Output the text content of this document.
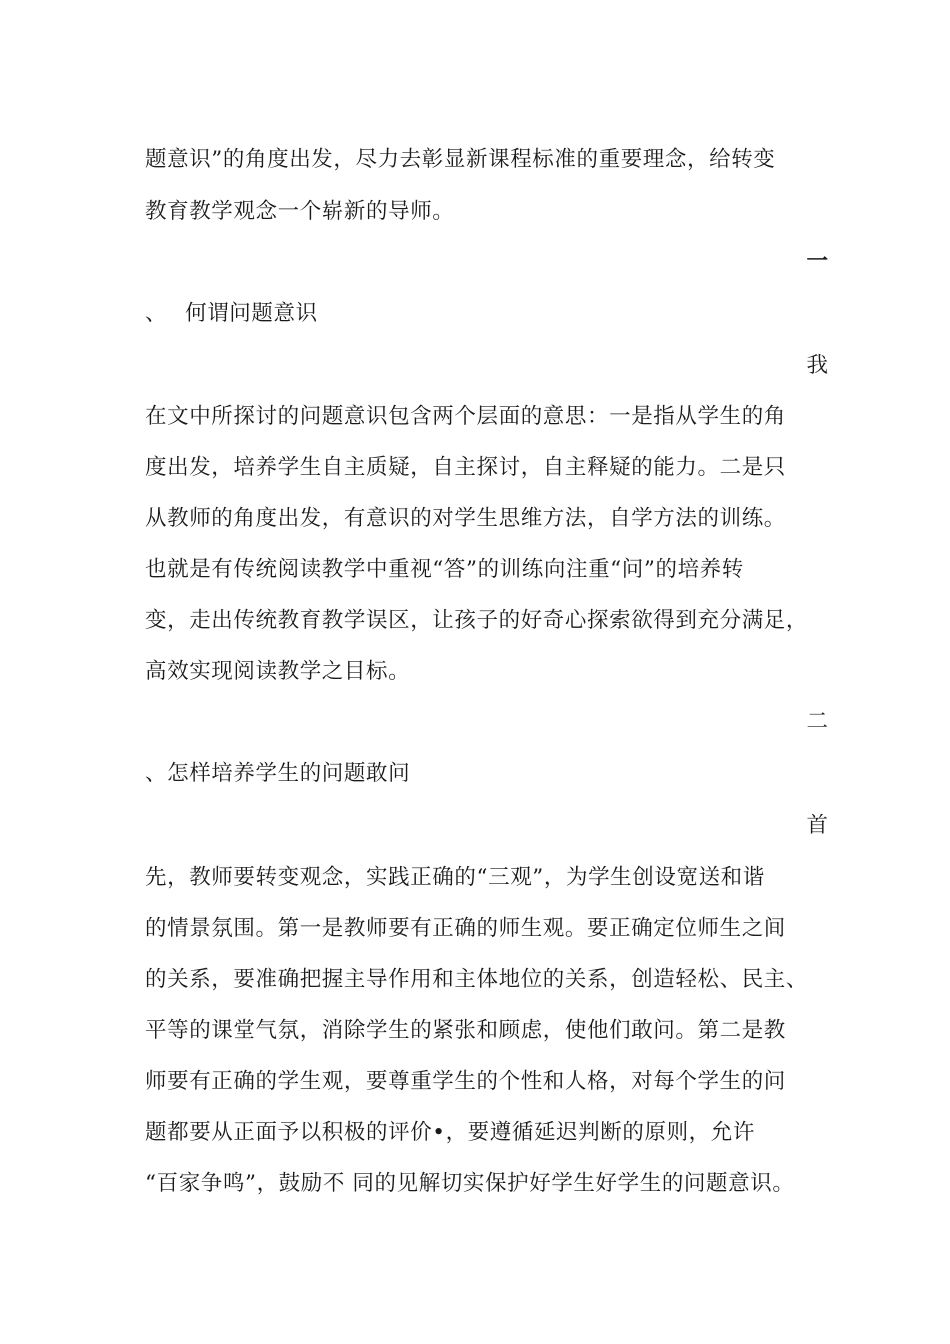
题意识”的角度出发，尽力去彰显新课程标准的重要理念，给转变
教育教学观念一个崭新的导师。
一
、 何谓问题意识
我
在文中所探讨的问题意识包含两个层面的意思：一是指从学生的角
度出发，培养学生自主质疑，自主探讨，自主释疑的能力。二是只
从教师的角度出发，有意识的对学生思维方法，自学方法的训练。
也就是有传统阅读教学中重视“答”的训练向注重“问”的培养转
变，走出传统教育教学误区，让孩子的好奇心探索欲得到充分满足，
高效实现阅读教学之目标。
二
、怎样培养学生的问题敢问
首
先，教师要转变观念，实践正确的“三观”，为学生创设宽送和谐
的情景氛围。第一是教师要有正确的师生观。要正确定位师生之间
的关系，要准确把握主导作用和主体地位的关系，创造轻松、民主、
平等的课堂气氛，消除学生的紧张和顾虑，使他们敢问。第二是教
师要有正确的学生观，要尊重学生的个性和人格，对每个学生的问
题都要从正面予以积极的评价•，要遵循延迟判断的原则，允许
“百家争鸣”，鼓励不 同的见解切实保护好学生好学生的问题意识。
